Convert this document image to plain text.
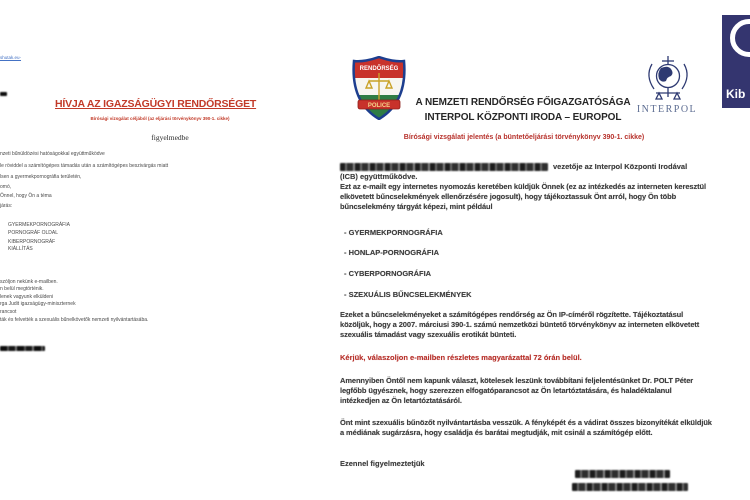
shutak.eu-
HÍVJA AZ IGAZSÁGÜGYI RENDŐRSÉGET
Bírósági vizsgálat céljából (az eljárási törvénykönyv 390-1. cikke)
figyelmedbe
nzeti bűnüldözési hatóságokkal együttműködve
le röviddel a számítógépes támadás után a számítógépes beszivárgás miatt
lsen a gyermekpornográfia területén,
omó,
Önnel, hogy Ön a téma
járás:
GYERMEKPORNOGRÁFIA
PORNOGRÁF OLDAL
KIBERPORNOGRÁF
KIÁLLÍTÁS
szóljon nekünk e-mailben.
n belül megtörténik.
lenek vagyunk elküldeni
rga Judit igazságügy-miniszternek
rancsot
ták és felvették a szexuális bűnelkövetők nemzeti nyilvántartásába.
RENDŐRSÉG
POLICE	A NEMZETI RENDŐRSÉG FŐIGAZGATÓSÁGA
INTERPOL KÖZPONTI IRODA – EUROPOL
INTERPOL
Bírósági vizsgálati jelentés (a büntetőeljárási törvénykönyv 390-1. cikke)
vezetője az Interpol Központi Irodával
(ICB) együttműködve.
Ezt az e-mailt egy internetes nyomozás keretében küldjük Önnek (ez az intézkedés az interneten keresztül elkövetett bűncselekmények ellenőrzésére jogosult), hogy tájékoztassuk Önt arról, hogy Ön több bűncselekmény tárgyát képezi, mint például
- GYERMEKPORNOGRÁFIA
- HONLAP-PORNOGRÁFIA
- CYBERPORNOGRÁFIA
- SZEXUÁLIS BŰNCSELEKMÉNYEK
Ezeket a bűncselekményeket a számítógépes rendőrség az Ön IP-címéről rögzítette. Tájékoztatásul közöljük, hogy a 2007. márciusi 390-1. számú nemzetközi büntető törvénykönyv az interneten elkövetett szexuális támadást vagy szexuális erotikát bünteti.
Kérjük, válaszoljon e-mailben részletes magyarázattal 72 órán belül.
Amennyiben Öntől nem kapunk választ, kötelesek leszünk továbbítani feljelentésünket Dr. POLT Péter legfőbb ügyésznek, hogy szerezzen elfogatóparancsot az Ön letartóztatására, és haladéktalanul intézkedjen az Ön letartóztatásáról.
Önt mint szexuális bűnözőt nyilvántartásba vesszük. A fényképét és a vádirat összes bizonyítékát elküldjük a médiának sugárzásra, hogy családja és barátai megtudják, mit csinál a számítógép előtt.
Ezennel figyelmeztetjük
Kib
